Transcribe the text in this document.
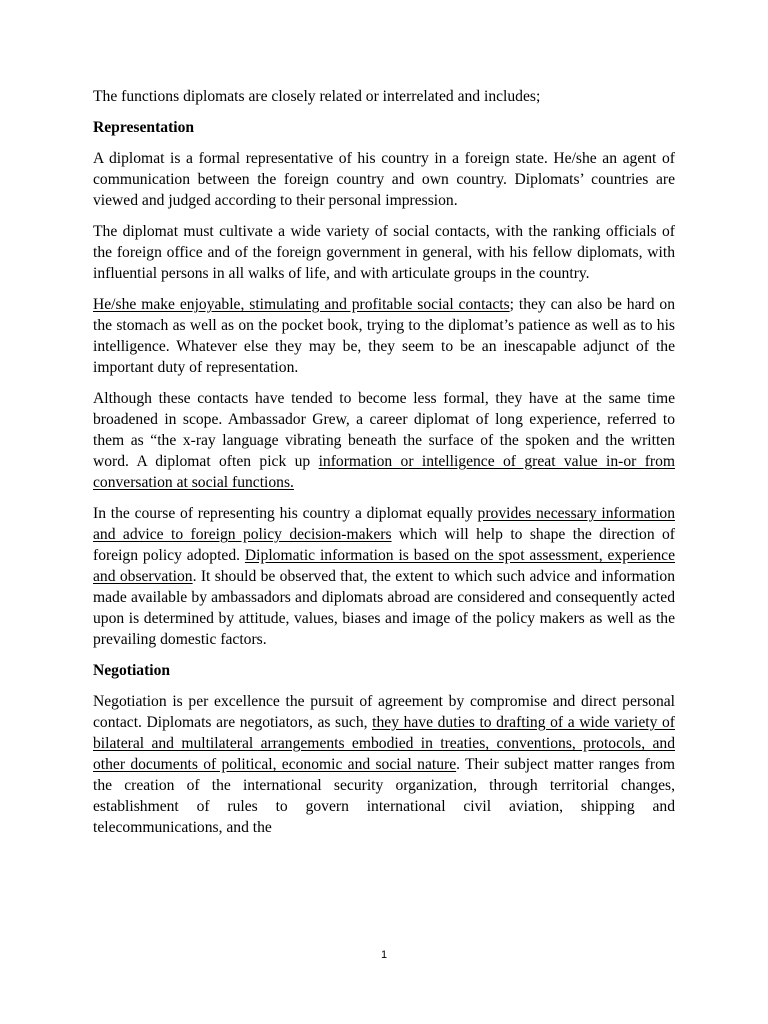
The functions diplomats are closely related or interrelated and includes;

Representation

A diplomat is a formal representative of his country in a foreign state. He/she an agent of communication between the foreign country and own country. Diplomats’ countries are viewed and judged according to their personal impression.

The diplomat must cultivate a wide variety of social contacts, with the ranking officials of the foreign office and of the foreign government in general, with his fellow diplomats, with influential persons in all walks of life, and with articulate groups in the country.

He/she make enjoyable, stimulating and profitable social contacts; they can also be hard on the stomach as well as on the pocket book, trying to the diplomat’s patience as well as to his intelligence. Whatever else they may be, they seem to be an inescapable adjunct of the important duty of representation.

Although these contacts have tended to become less formal, they have at the same time broadened in scope. Ambassador Grew, a career diplomat of long experience, referred to them as “the x-ray language vibrating beneath the surface of the spoken and the written word. A diplomat often pick up information or intelligence of great value in-or from conversation at social functions.

In the course of representing his country a diplomat equally provides necessary information and advice to foreign policy decision-makers which will help to shape the direction of foreign policy adopted. Diplomatic information is based on the spot assessment, experience and observation. It should be observed that, the extent to which such advice and information made available by ambassadors and diplomats abroad are considered and consequently acted upon is determined by attitude, values, biases and image of the policy makers as well as the prevailing domestic factors.

Negotiation

Negotiation is per excellence the pursuit of agreement by compromise and direct personal contact. Diplomats are negotiators, as such, they have duties to drafting of a wide variety of bilateral and multilateral arrangements embodied in treaties, conventions, protocols, and other documents of political, economic and social nature. Their subject matter ranges from the creation of the international security organization, through territorial changes, establishment of rules to govern international civil aviation, shipping and telecommunications, and the

1
